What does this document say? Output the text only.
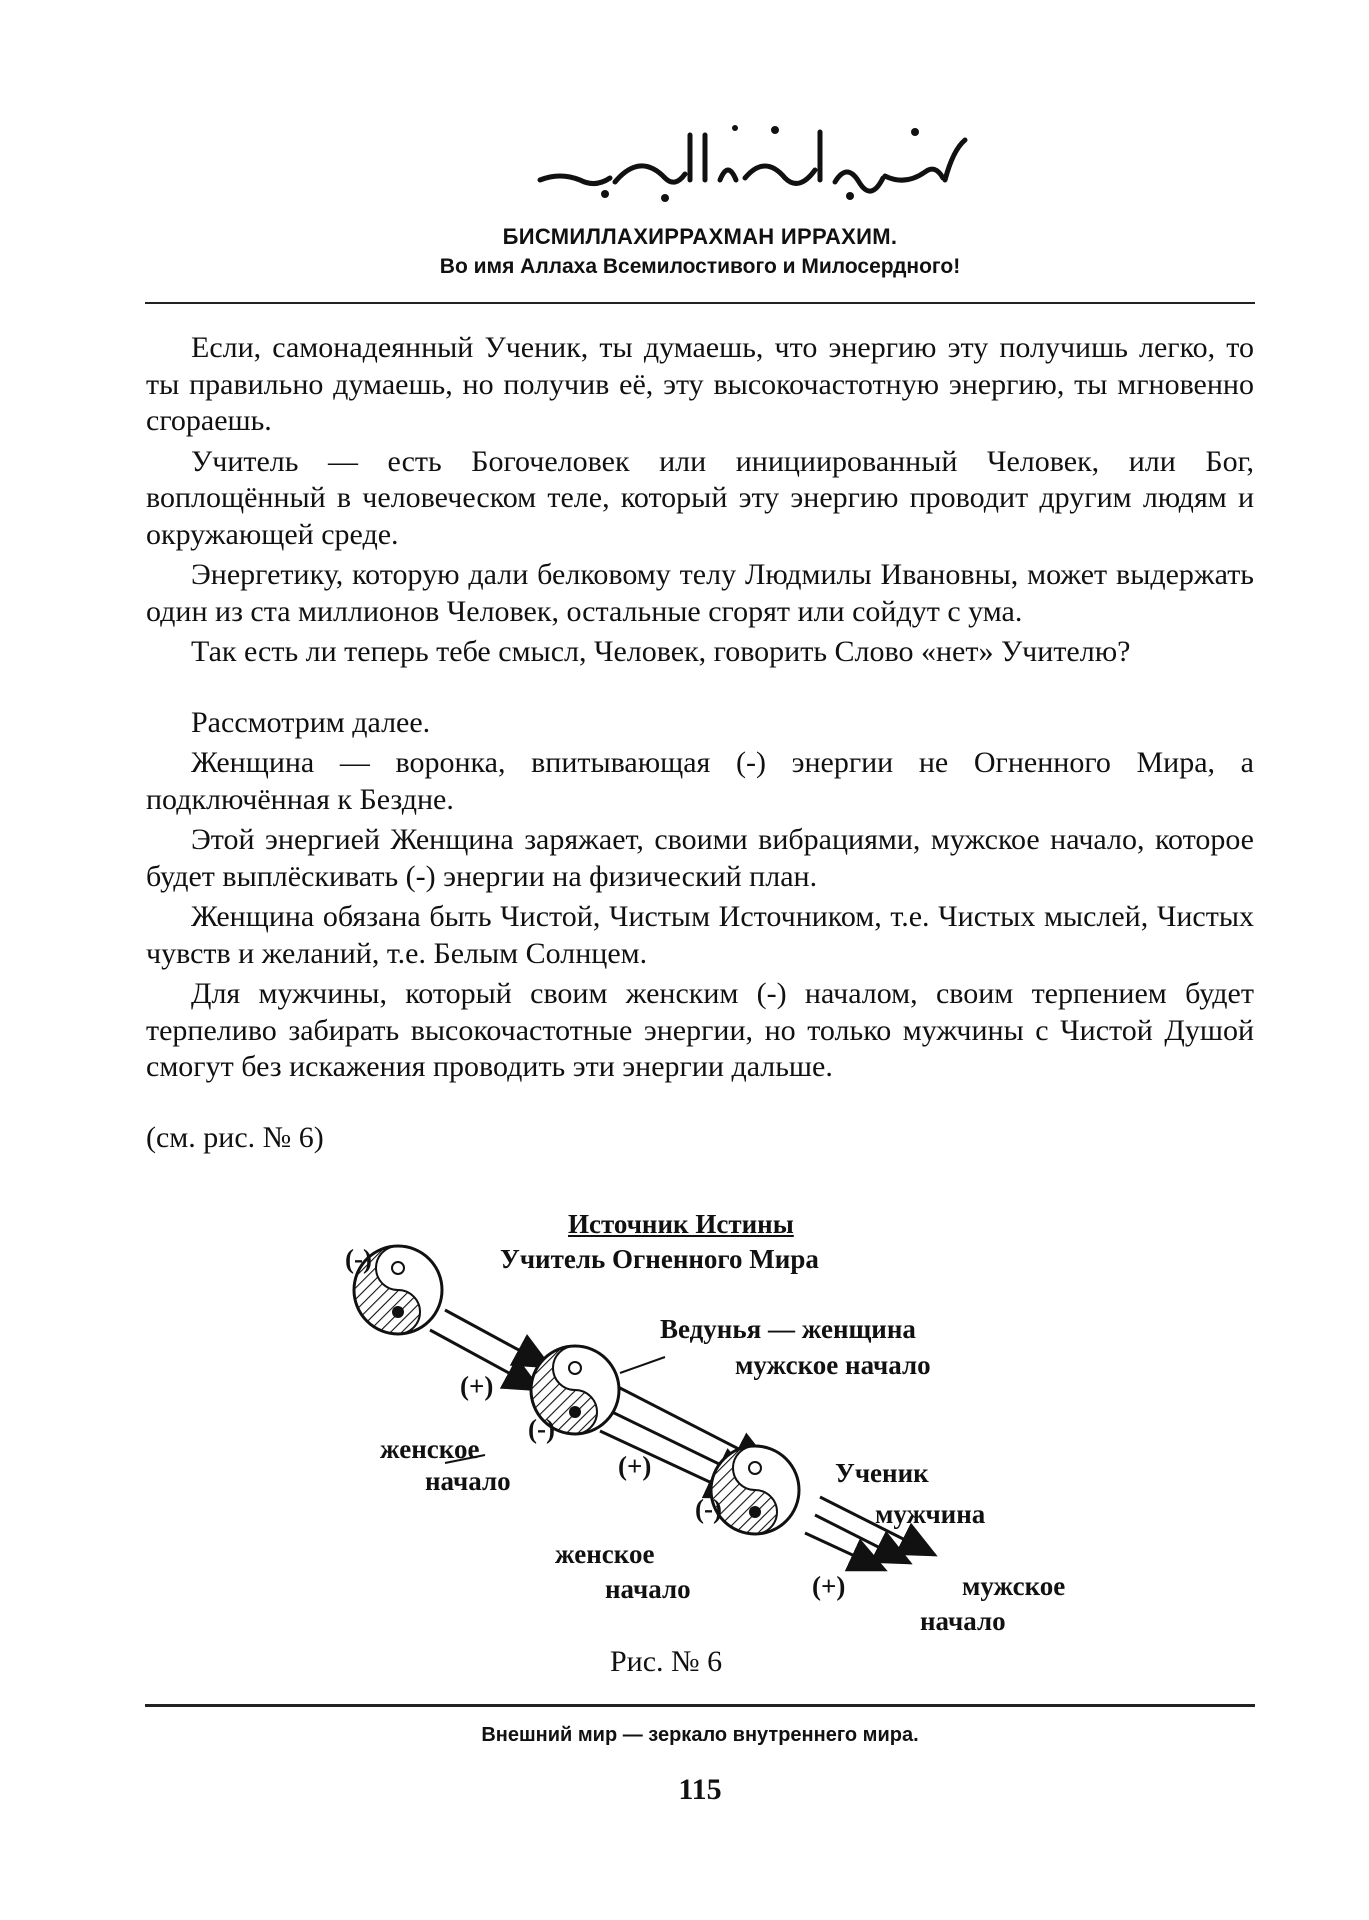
БИСМИЛЛАХИРРАХМАН ИРРАХИМ.
Во имя Аллаха Всемилостивого и Милосердного!

Если, самонадеянный Ученик, ты думаешь, что энергию эту получишь легко, то ты правильно думаешь, но получив её, эту высокочастотную энергию, ты мгновенно сгораешь.

Учитель — есть Богочеловек или инициированный Человек, или Бог, воплощённый в человеческом теле, который эту энергию проводит другим людям и окружающей среде.

Энергетику, которую дали белковому телу Людмилы Ивановны, может выдержать один из ста миллионов Человек, остальные сгорят или сойдут с ума.

Так есть ли теперь тебе смысл, Человек, говорить Слово «нет» Учителю?

Рассмотрим далее.

Женщина — воронка, впитывающая (-) энергии не Огненного Мира, а подключённая к Бездне.

Этой энергией Женщина заряжает, своими вибрациями, мужское начало, которое будет выплёскивать (-) энергии на физический план.

Женщина обязана быть Чистой, Чистым Источником, т.е. Чистых мыслей, Чистых чувств и желаний, т.е. Белым Солнцем.

Для мужчины, который своим женским (-) началом, своим терпением будет терпеливо забирать высокочастотные энергии, но только мужчины с Чистой Душой смогут без искажения проводить эти энергии дальше.

(см. рис. № 6)

Источник Истины
Учитель Огненного Мира
(-)
Ведунья — женщина
мужское начало
(+)
(-)
женское
начало	(+)
(-)
Ученик
мужчина
женское
начало	(+)	мужское
начало
Рис. № 6
Внешний мир — зеркало внутреннего мира.
115
